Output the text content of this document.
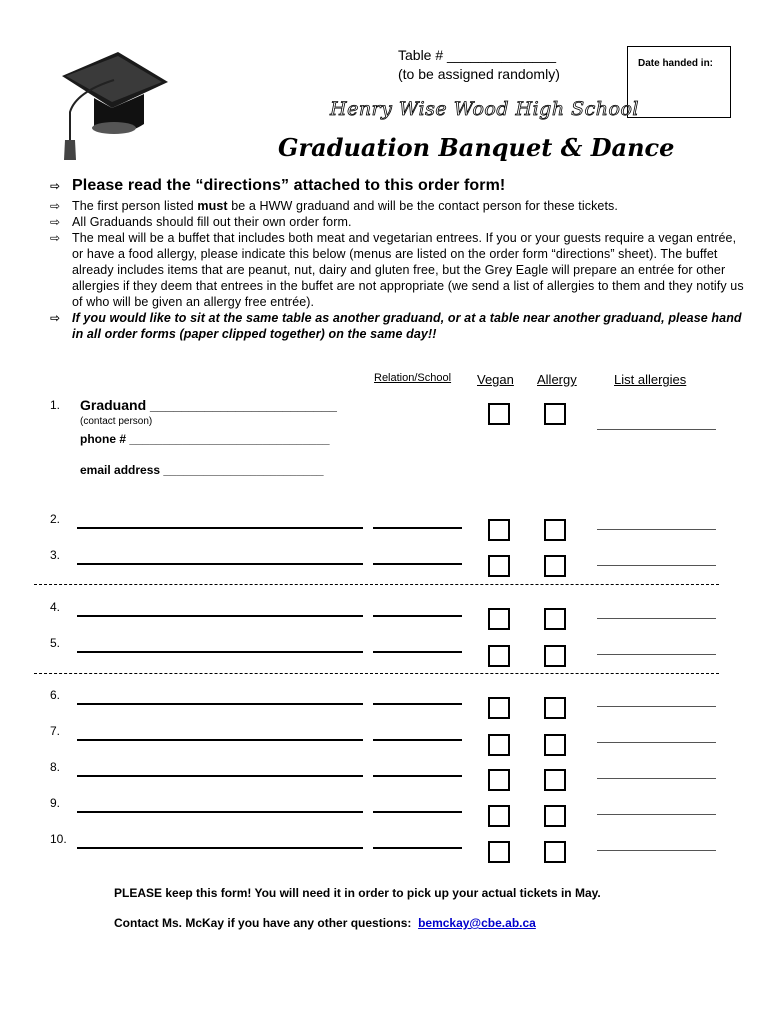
Table # ______________
(to be assigned randomly)
Date handed in:
Henry Wise Wood High School
Graduation Banquet & Dance
⇨ Please read the “directions” attached to this order form!
⇨ The first person listed must be a HWW graduand and will be the contact person for these tickets.
⇨ All Graduands should fill out their own order form.
⇨ The meal will be a buffet that includes both meat and vegetarian entrees. If you or your guests require a vegan entrée, or have a food allergy, please indicate this below (menus are listed on the order form “directions” sheet). The buffet already includes items that are peanut, nut, dairy and gluten free, but the Grey Eagle will prepare an entrée for other allergies if they deem that entrees in the buffet are not appropriate (we send a list of allergies to them and they notify us of who will be given an allergy free entrée).
⇨ If you would like to sit at the same table as another graduand, or at a table near another graduand, please hand in all order forms (paper clipped together) on the same day!!
Relation/School Vegan Allergy	List allergies
1. Graduand ________________________
(contact person)
phone # ______________________________
email address ________________________
2.
3.
4.
5.
6.
7.
8.
9.
10.
PLEASE keep this form! You will need it in order to pick up your actual tickets in May.
Contact Ms. McKay if you have any other questions: bemckay@cbe.ab.ca
